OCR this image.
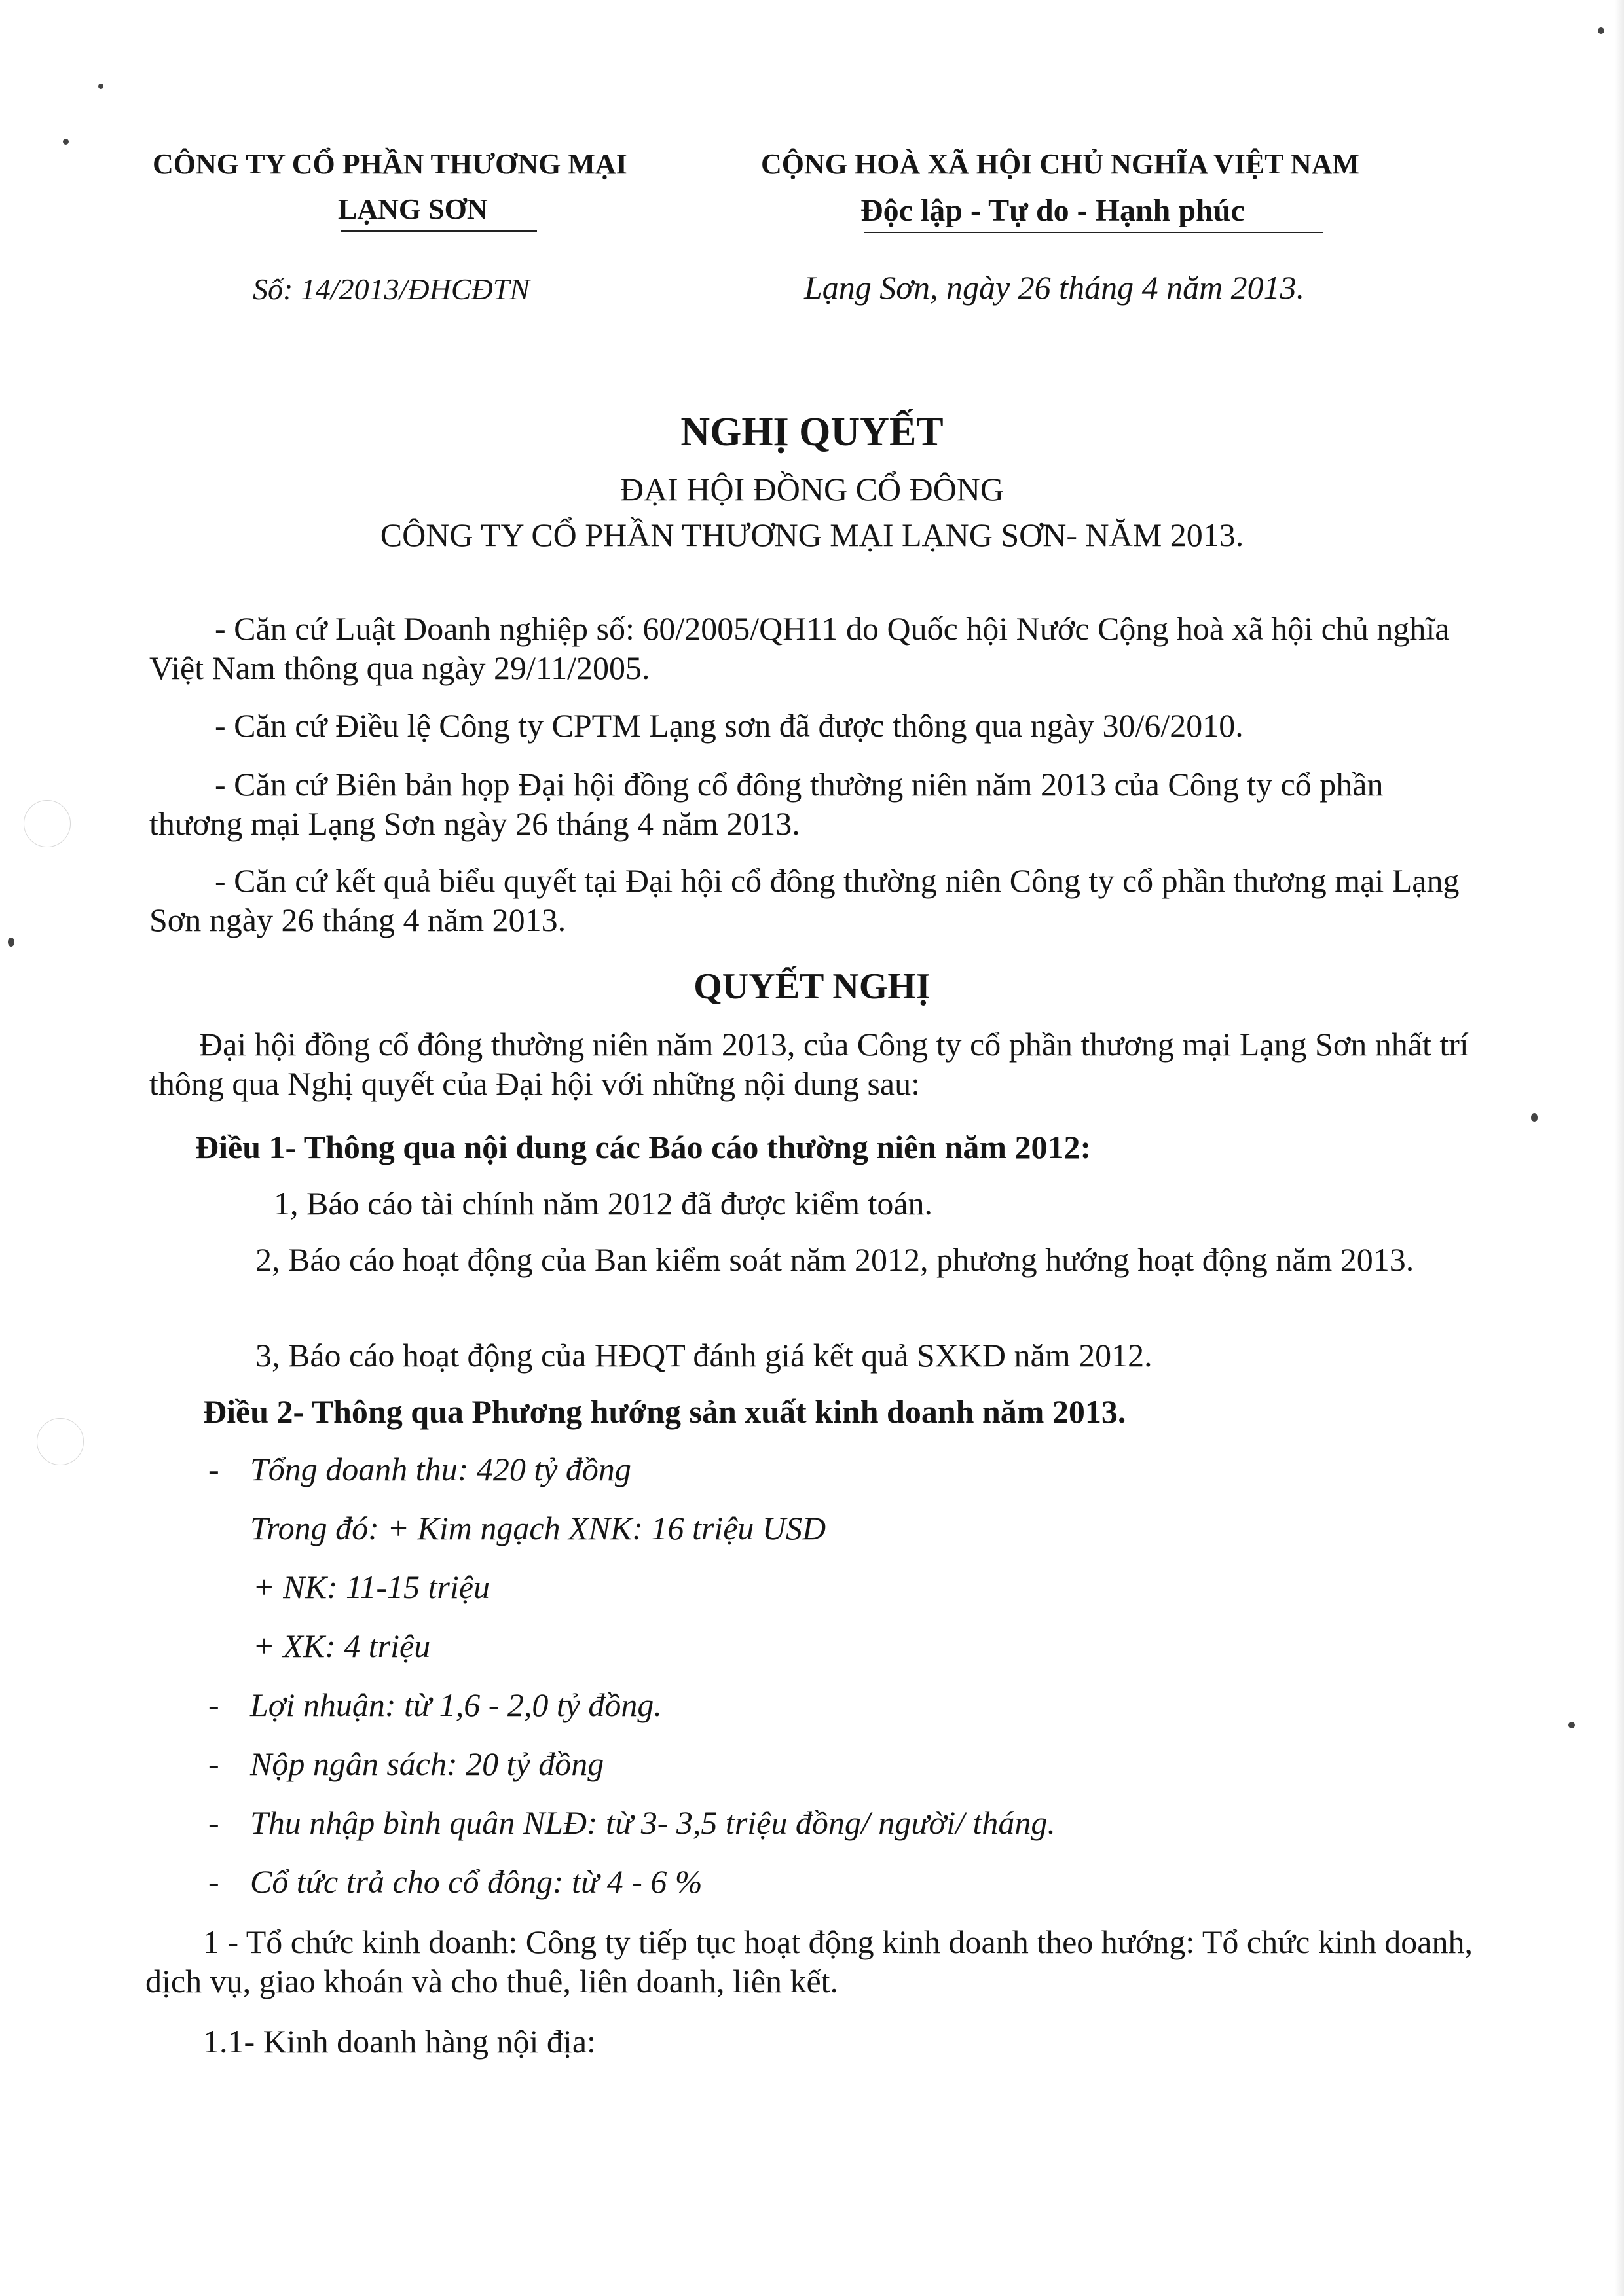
CÔNG TY CỔ PHẦN THƯƠNG MẠI
LẠNG SƠN
CỘNG HOÀ XÃ HỘI CHỦ NGHĨA VIỆT NAM
Độc lập - Tự do - Hạnh phúc
Số: 14/2013/ĐHCĐTN	Lạng Sơn, ngày 26 tháng 4 năm 2013.
NGHỊ QUYẾT
ĐẠI HỘI ĐỒNG CỔ ĐÔNG
CÔNG TY CỔ PHẦN THƯƠNG MẠI LẠNG SƠN- NĂM 2013.
- Căn cứ Luật Doanh nghiệp số: 60/2005/QH11 do Quốc hội Nước Cộng hoà xã hội chủ nghĩa Việt Nam thông qua ngày 29/11/2005.
- Căn cứ Điều lệ Công ty CPTM Lạng sơn đã được thông qua ngày 30/6/2010.
- Căn cứ Biên bản họp Đại hội đồng cổ đông thường niên năm 2013 của Công ty cổ phần thương mại Lạng Sơn ngày 26 tháng 4 năm 2013.
- Căn cứ kết quả biểu quyết tại Đại hội cổ đông thường niên Công ty cổ phần thương mại Lạng Sơn ngày 26 tháng 4 năm 2013.
QUYẾT NGHỊ
Đại hội đồng cổ đông thường niên năm 2013, của Công ty cổ phần thương mại Lạng Sơn nhất trí thông qua Nghị quyết của Đại hội với những nội dung sau:
Điều 1- Thông qua nội dung các Báo cáo thường niên năm 2012:
1, Báo cáo tài chính năm 2012 đã được kiểm toán.
2, Báo cáo hoạt động của Ban kiểm soát năm 2012, phương hướng hoạt động năm 2013.
3, Báo cáo hoạt động của HĐQT đánh giá kết quả SXKD năm 2012.
Điều 2- Thông qua Phương hướng sản xuất kinh doanh năm 2013.
- Tổng doanh thu: 420 tỷ đồng
Trong đó: + Kim ngạch XNK: 16 triệu USD
+ NK: 11-15 triệu
+ XK: 4 triệu
- Lợi nhuận: từ 1,6 - 2,0 tỷ đồng.
- Nộp ngân sách: 20 tỷ đồng
- Thu nhập bình quân NLĐ: từ 3- 3,5 triệu đồng/ người/ tháng.
- Cổ tức trả cho cổ đông: từ 4 - 6 %
1 - Tổ chức kinh doanh: Công ty tiếp tục hoạt động kinh doanh theo hướng: Tổ chức kinh doanh, dịch vụ, giao khoán và cho thuê, liên doanh, liên kết.
1.1- Kinh doanh hàng nội địa:
